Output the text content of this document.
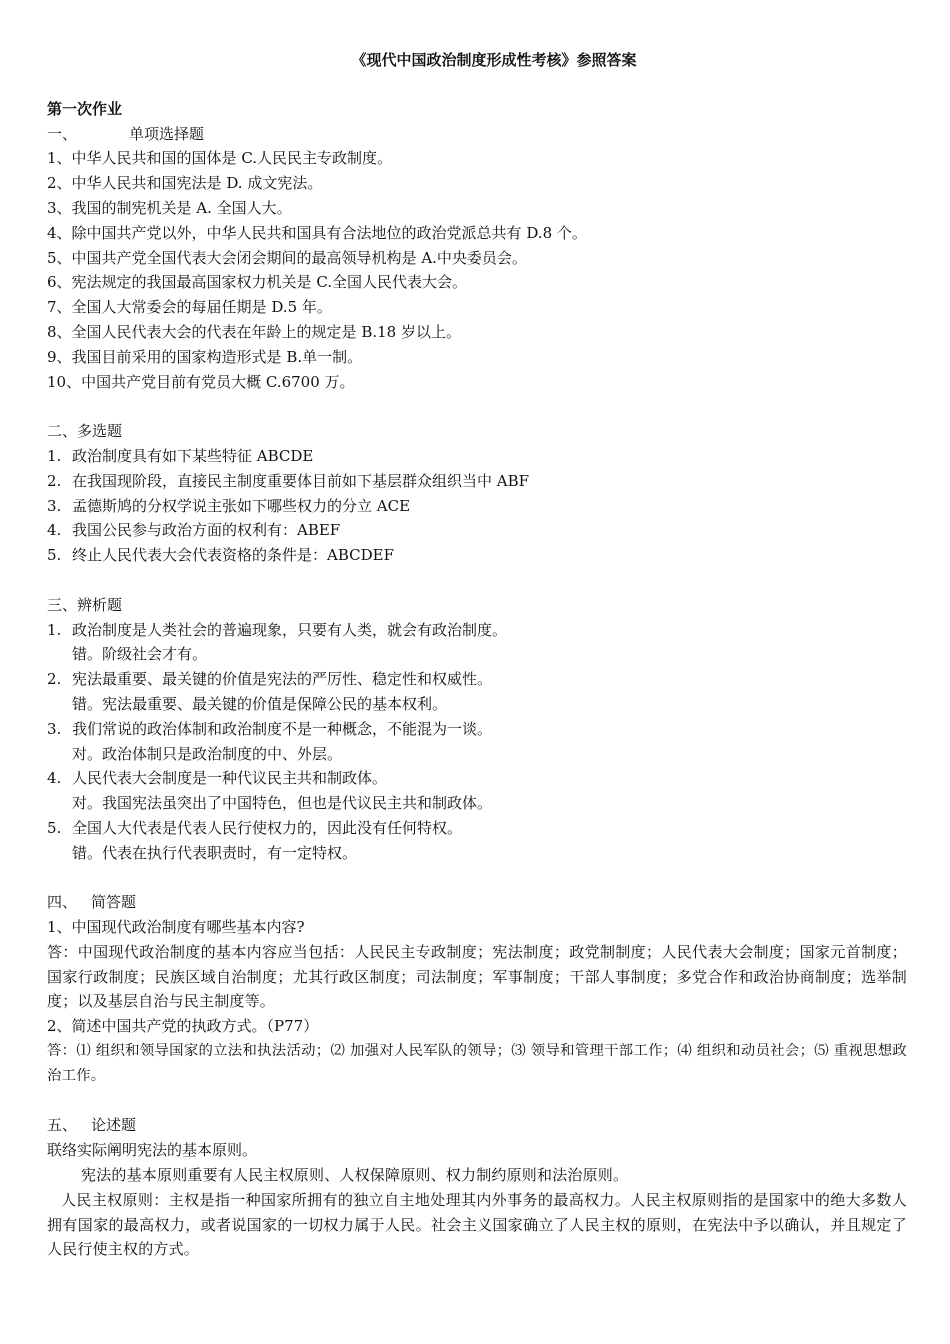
《现代中国政治制度形成性考核》参照答案
第一次作业
一、	单项选择题
1、中华人民共和国的国体是 C.人民民主专政制度。
2、中华人民共和国宪法是 D. 成文宪法。
3、我国的制宪机关是 A. 全国人大。
4、除中国共产党以外，中华人民共和国具有合法地位的政治党派总共有 D.8 个。
5、中国共产党全国代表大会闭会期间的最高领导机构是 A.中央委员会。
6、宪法规定的我国最高国家权力机关是 C.全国人民代表大会。
7、全国人大常委会的每届任期是 D.5 年。
8、全国人民代表大会的代表在年龄上的规定是 B.18 岁以上。
9、我国目前采用的国家构造形式是 B.单一制。
10、中国共产党目前有党员大概 C.6700 万。
二、多选题
1. 政治制度具有如下某些特征 ABCDE
2. 在我国现阶段，直接民主制度重要体目前如下基层群众组织当中 ABF
3. 孟德斯鸠的分权学说主张如下哪些权力的分立 ACE
4. 我国公民参与政治方面的权利有：ABEF
5. 终止人民代表大会代表资格的条件是：ABCDEF
三、辨析题
1. 政治制度是人类社会的普遍现象，只要有人类，就会有政治制度。
错。阶级社会才有。
2. 宪法最重要、最关键的价值是宪法的严厉性、稳定性和权威性。
错。宪法最重要、最关键的价值是保障公民的基本权利。
3. 我们常说的政治体制和政治制度不是一种概念，不能混为一谈。
对。政治体制只是政治制度的中、外层。
4. 人民代表大会制度是一种代议民主共和制政体。
对。我国宪法虽突出了中国特色，但也是代议民主共和制政体。
5. 全国人大代表是代表人民行使权力的，因此没有任何特权。
错。代表在执行代表职责时，有一定特权。
四、 简答题
1、中国现代政治制度有哪些基本内容?
答：中国现代政治制度的基本内容应当包括：人民民主专政制度；宪法制度；政党制制度；人民代表大会制度；国家元首制度；国家行政制度；民族区域自治制度；尤其行政区制度；司法制度；军事制度；干部人事制度；多党合作和政治协商制度；选举制度；以及基层自治与民主制度等。
2、简述中国共产党的执政方式。（P77）
答：⑴ 组织和领导国家的立法和执法活动；⑵ 加强对人民军队的领导；⑶ 领导和管理干部工作；⑷ 组织和动员社会；⑸ 重视思想政治工作。
五、 论述题
联络实际阐明宪法的基本原则。
宪法的基本原则重要有人民主权原则、人权保障原则、权力制约原则和法治原则。
人民主权原则：主权是指一种国家所拥有的独立自主地处理其内外事务的最高权力。人民主权原则指的是国家中的绝大多数人拥有国家的最高权力，或者说国家的一切权力属于人民。社会主义国家确立了人民主权的原则，在宪法中予以确认，并且规定了人民行使主权的方式。
